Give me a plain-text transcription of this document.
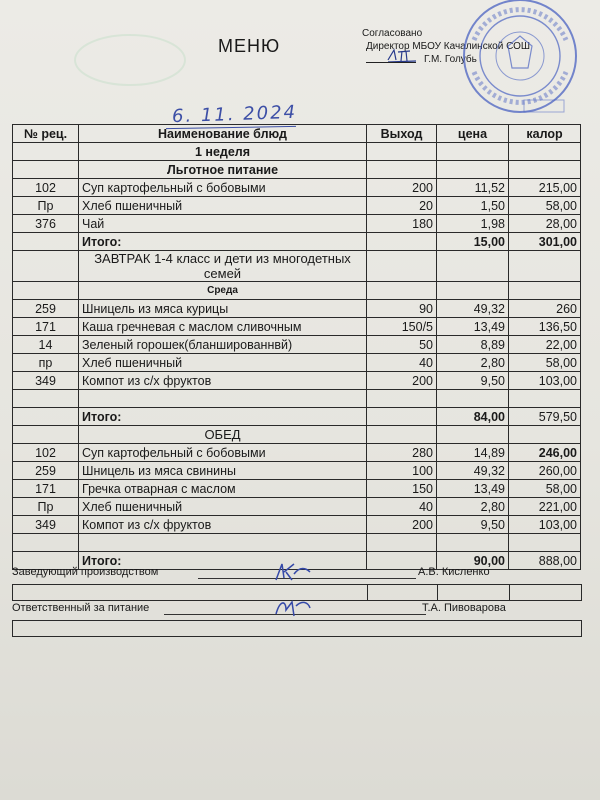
МЕНЮ
Согласовано
Директор МБОУ Качалинской СОШ
Г.М. Голубь
6. 11. 2024
№ рец.	Наименование блюд	Выход	цена	калор
	1 неделя			
	Льготное питание			
102	Суп картофельный с бобовыми	200	11,52	215,00
Пр	Хлеб пшеничный	20	1,50	58,00
376	Чай	180	1,98	28,00
	Итого:		15,00	301,00
	ЗАВТРАК 1-4 класс и дети из многодетных семей			
	Среда			
259	Шницель из мяса курицы	90	49,32	260
171	Каша гречневая с маслом сливочным	150/5	13,49	136,50
14	Зеленый горошек(бланшированнвй)	50	8,89	22,00
пр	Хлеб пшеничный	40	2,80	58,00
349	Компот из с/х фруктов	200	9,50	103,00

	Итого:		84,00	579,50
	ОБЕД			
102	Суп картофельный с бобовыми	280	14,89	246,00
259	Шницель из мяса свинины	100	49,32	260,00
171	Гречка отварная с маслом	150	13,49	58,00
Пр	Хлеб пшеничный	40	2,80	221,00
349	Компот из с/х фруктов	200	9,50	103,00

	Итого:		90,00	888,00
Заведующий производством	А.В. Кисленко
Ответственный за питание	Т.А. Пивоварова
